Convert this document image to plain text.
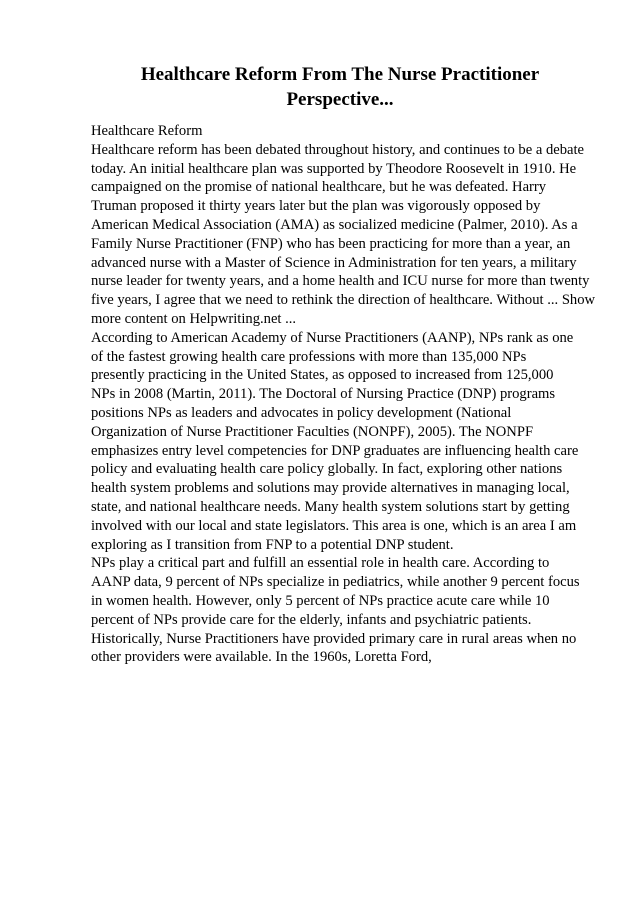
Healthcare Reform From The Nurse Practitioner
Perspective...
Healthcare Reform
Healthcare reform has been debated throughout history, and continues to be a debate
today. An initial healthcare plan was supported by Theodore Roosevelt in 1910. He
campaigned on the promise of national healthcare, but he was defeated. Harry
Truman proposed it thirty years later but the plan was vigorously opposed by
American Medical Association (AMA) as socialized medicine (Palmer, 2010). As a
Family Nurse Practitioner (FNP) who has been practicing for more than a year, an
advanced nurse with a Master of Science in Administration for ten years, a military
nurse leader for twenty years, and a home health and ICU nurse for more than twenty
five years, I agree that we need to rethink the direction of healthcare. Without ... Show
more content on Helpwriting.net ...
According to American Academy of Nurse Practitioners (AANP), NPs rank as one
of the fastest growing health care professions with more than 135,000 NPs
presently practicing in the United States, as opposed to increased from 125,000
NPs in 2008 (Martin, 2011). The Doctoral of Nursing Practice (DNP) programs
positions NPs as leaders and advocates in policy development (National
Organization of Nurse Practitioner Faculties (NONPF), 2005). The NONPF
emphasizes entry level competencies for DNP graduates are influencing health care
policy and evaluating health care policy globally. In fact, exploring other nations
health system problems and solutions may provide alternatives in managing local,
state, and national healthcare needs. Many health system solutions start by getting
involved with our local and state legislators. This area is one, which is an area I am
exploring as I transition from FNP to a potential DNP student.
NPs play a critical part and fulfill an essential role in health care. According to
AANP data, 9 percent of NPs specialize in pediatrics, while another 9 percent focus
in women health. However, only 5 percent of NPs practice acute care while 10
percent of NPs provide care for the elderly, infants and psychiatric patients.
Historically, Nurse Practitioners have provided primary care in rural areas when no
other providers were available. In the 1960s, Loretta Ford,
